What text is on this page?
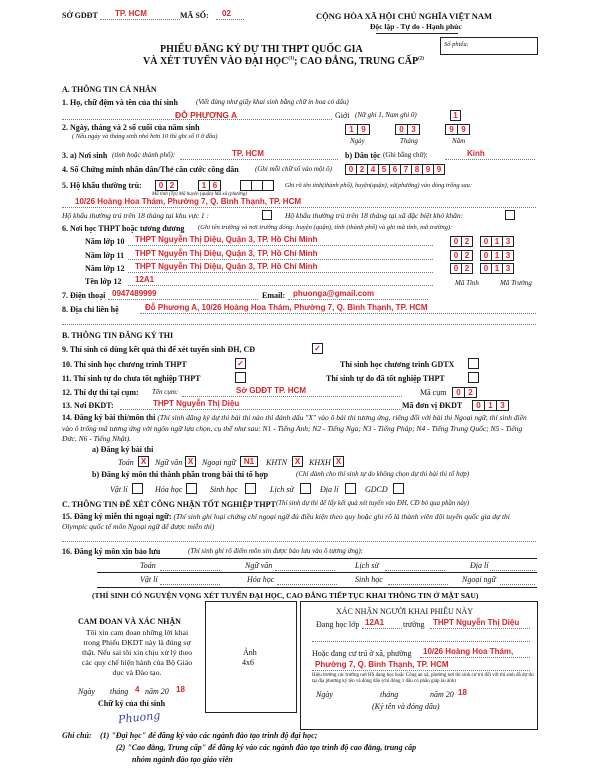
SỞ GDĐT TP. HCM	MÃ SỐ: 02	CỘNG HÒA XÃ HỘI CHỦ NGHĨA VIỆT NAM
Độc lập - Tự do - Hạnh phúc
Số phiếu:
PHIẾU ĐĂNG KÝ DỰ THI THPT QUỐC GIA
VÀ XÉT TUYỂN VÀO ĐẠI HỌC$^{(1)}$; CAO ĐẲNG, TRUNG CẤP$^{(2)}$
A. THÔNG TIN CÁ NHÂN
1. Họ, chữ đệm và tên của thí sinh	(Viết đúng như giấy khai sinh bằng chữ in hoa có dấu)
ĐỖ PHƯƠNG A	Giới (Nữ ghi 1, Nam ghi 0)	1
2. Ngày, tháng và 2 số cuối của năm sinh
( Nếu ngày và tháng sinh nhỏ hơn 10 thì ghi số 0 ở đầu)
1 9	0 3	9 9
Ngày	Tháng	Năm
3. a) Nơi sinh (tỉnh hoặc thành phố):	TP. HCM	b) Dân tộc (Ghi bằng chữ):	Kinh
4. Số Chứng minh nhân dân/Thẻ căn cước công dân (Ghi mỗi chữ số vào một ô)	0 2 4 5 6 7 8 9 9
5. Hộ khẩu thường trú:	0 2	1 6	Ghi rõ tên tỉnh(thành phố), huyện(quận), xã(phường) vào dòng trống sau:
Mã tỉnh (Tp) Mã huyện (quận) Mã xã (phường)
10/26 Hoàng Hoa Thám, Phường 7, Q. Bình Thạnh, TP. HCM
Hộ khẩu thường trú trên 18 tháng tại khu vực 1 :	Hộ khẩu thường trú trên 18 tháng tại xã đặc biệt khó khăn:
6. Nơi học THPT hoặc tương đương (Ghi tên trường và nơi trường đóng: huyện (quận), tỉnh (thành phố) và ghi mã tỉnh, mã trường):
Năm lớp 10 THPT Nguyễn Thị Diệu, Quận 3, TP. Hồ Chí Minh	0 2	0 1 3
Năm lớp 11 THPT Nguyễn Thị Diệu, Quận 3, TP. Hồ Chí Minh	0 2	0 1 3
Năm lớp 12 THPT Nguyễn Thị Diệu, Quận 3, TP. Hồ Chí Minh	0 2	0 1 3
Tên lớp 12 12A1	Mã Tỉnh	Mã Trường
7. Điện thoại 0947489999	Email: phuonga@gmail.com
8. Địa chỉ liên hệ	Đỗ Phương A, 10/26 Hoàng Hoa Thám, Phường 7, Q. Bình Thạnh, TP. HCM
B. THÔNG TIN ĐĂNG KÝ THI
9. Thí sinh có dùng kết quả thi để xét tuyển sinh ĐH, CĐ	✓
10. Thí sinh học chương trình THPT	✓	Thí sinh học chương trình GDTX
11. Thí sinh tự do chưa tốt nghiệp THPT	Thí sinh tự do đã tốt nghiệp THPT
12. Thí dự thi tại cụm: Tên cụm:	Sở GDĐT TP. HCM	Mã cụm	0 2
13. Nơi ĐKDT:	THPT Nguyễn Thị Diệu	Mã đơn vị ĐKDT	0 1 3
14. Đăng ký bài thi/môn thi (Thí sinh đăng ký dự thi bài thi nào thì đánh dấu "X" vào ô bài thi tương ứng, riêng đối với bài thi Ngoại ngữ, thí sinh điền vào ô trống mã tương ứng với ngôn ngữ lựa chọn, cụ thể như sau: N1 - Tiếng Anh; N2 - Tiếng Nga; N3 - Tiếng Pháp; N4 - Tiếng Trung Quốc; N5 - Tiếng Đức, N6 - Tiếng Nhật).
a) Đăng ký bài thi
Toán X	Ngữ văn X	Ngoại ngữ N1	KHTN X	KHXH X
b) Đăng ký môn thi thành phần trong bài thi tổ hợp	(Chỉ dành cho thí sinh tự do không chọn dự thi bài thi tổ hợp)
Vật lí	Hóa học	Sinh học	Lịch sử	Địa lí	GDCD
C. THÔNG TIN ĐỂ XÉT CÔNG NHẬN TỐT NGHIỆP THPT (Thí sinh dự thi để lấy kết quả xét tuyển vào ĐH, CĐ bỏ qua phần này)
15. Đăng ký miễn thi ngoại ngữ: (Thí sinh ghi loại chứng chỉ ngoại ngữ đủ điều kiện theo quy hoặc ghi rõ là thành viên đội tuyển quốc gia dự thi Olympic quốc tế môn Ngoại ngữ để được miễn thi)
16. Đăng ký môn xin bảo lưu	(Thí sinh ghi rõ điểm môn xin được bảo lưu vào ô tương ứng):
Toán	Ngữ văn	Lịch sử	Địa lí
Vật lí	Hóa học	Sinh học	Ngoại ngữ
(THÍ SINH CÓ NGUYỆN VỌNG XÉT TUYỂN ĐẠI HỌC, CAO ĐẲNG TIẾP TỤC KHAI THÔNG TIN Ở MẶT SAU)
CAM ĐOAN VÀ XÁC NHẬN
Tôi xin cam đoan những lời khai trong Phiếu ĐKDT này là đúng sự thật. Nếu sai tôi xin chịu xử lý theo các quy chế hiện hành của Bộ Giáo dục và Đào tạo.
Ngày tháng 4 năm 20 18
Chữ ký của thí sinh
Phuong
Ảnh
4x6
XÁC NHẬN NGƯỜI KHAI PHIẾU NÀY
Đang học lớp 12A1 trường THPT Nguyễn Thị Diệu
Hoặc đang cư trú ở xã, phường 10/26 Hoàng Hoa Thám,
Phường 7, Q. Bình Thạnh, TP. HCM
Hiệu trưởng các trường nơi HS đang học hoặc Công an xã, phường nơi thí sinh cư trú đối với thí sinh đã dự thi tại địa phương ký tên và đóng dấu (chỉ đóng 1 dấu có phần giáp lai ảnh)
Ngày	tháng	năm 20 18
(Ký tên và đóng dấu)
Ghi chú: (1) "Đại học" để đăng ký vào các ngành đào tạo trình độ đại học;
(2) "Cao đẳng, Trung cấp" để đăng ký vào các ngành đào tạo trình độ cao đẳng, trung cấp
nhóm ngành đào tạo giáo viên
